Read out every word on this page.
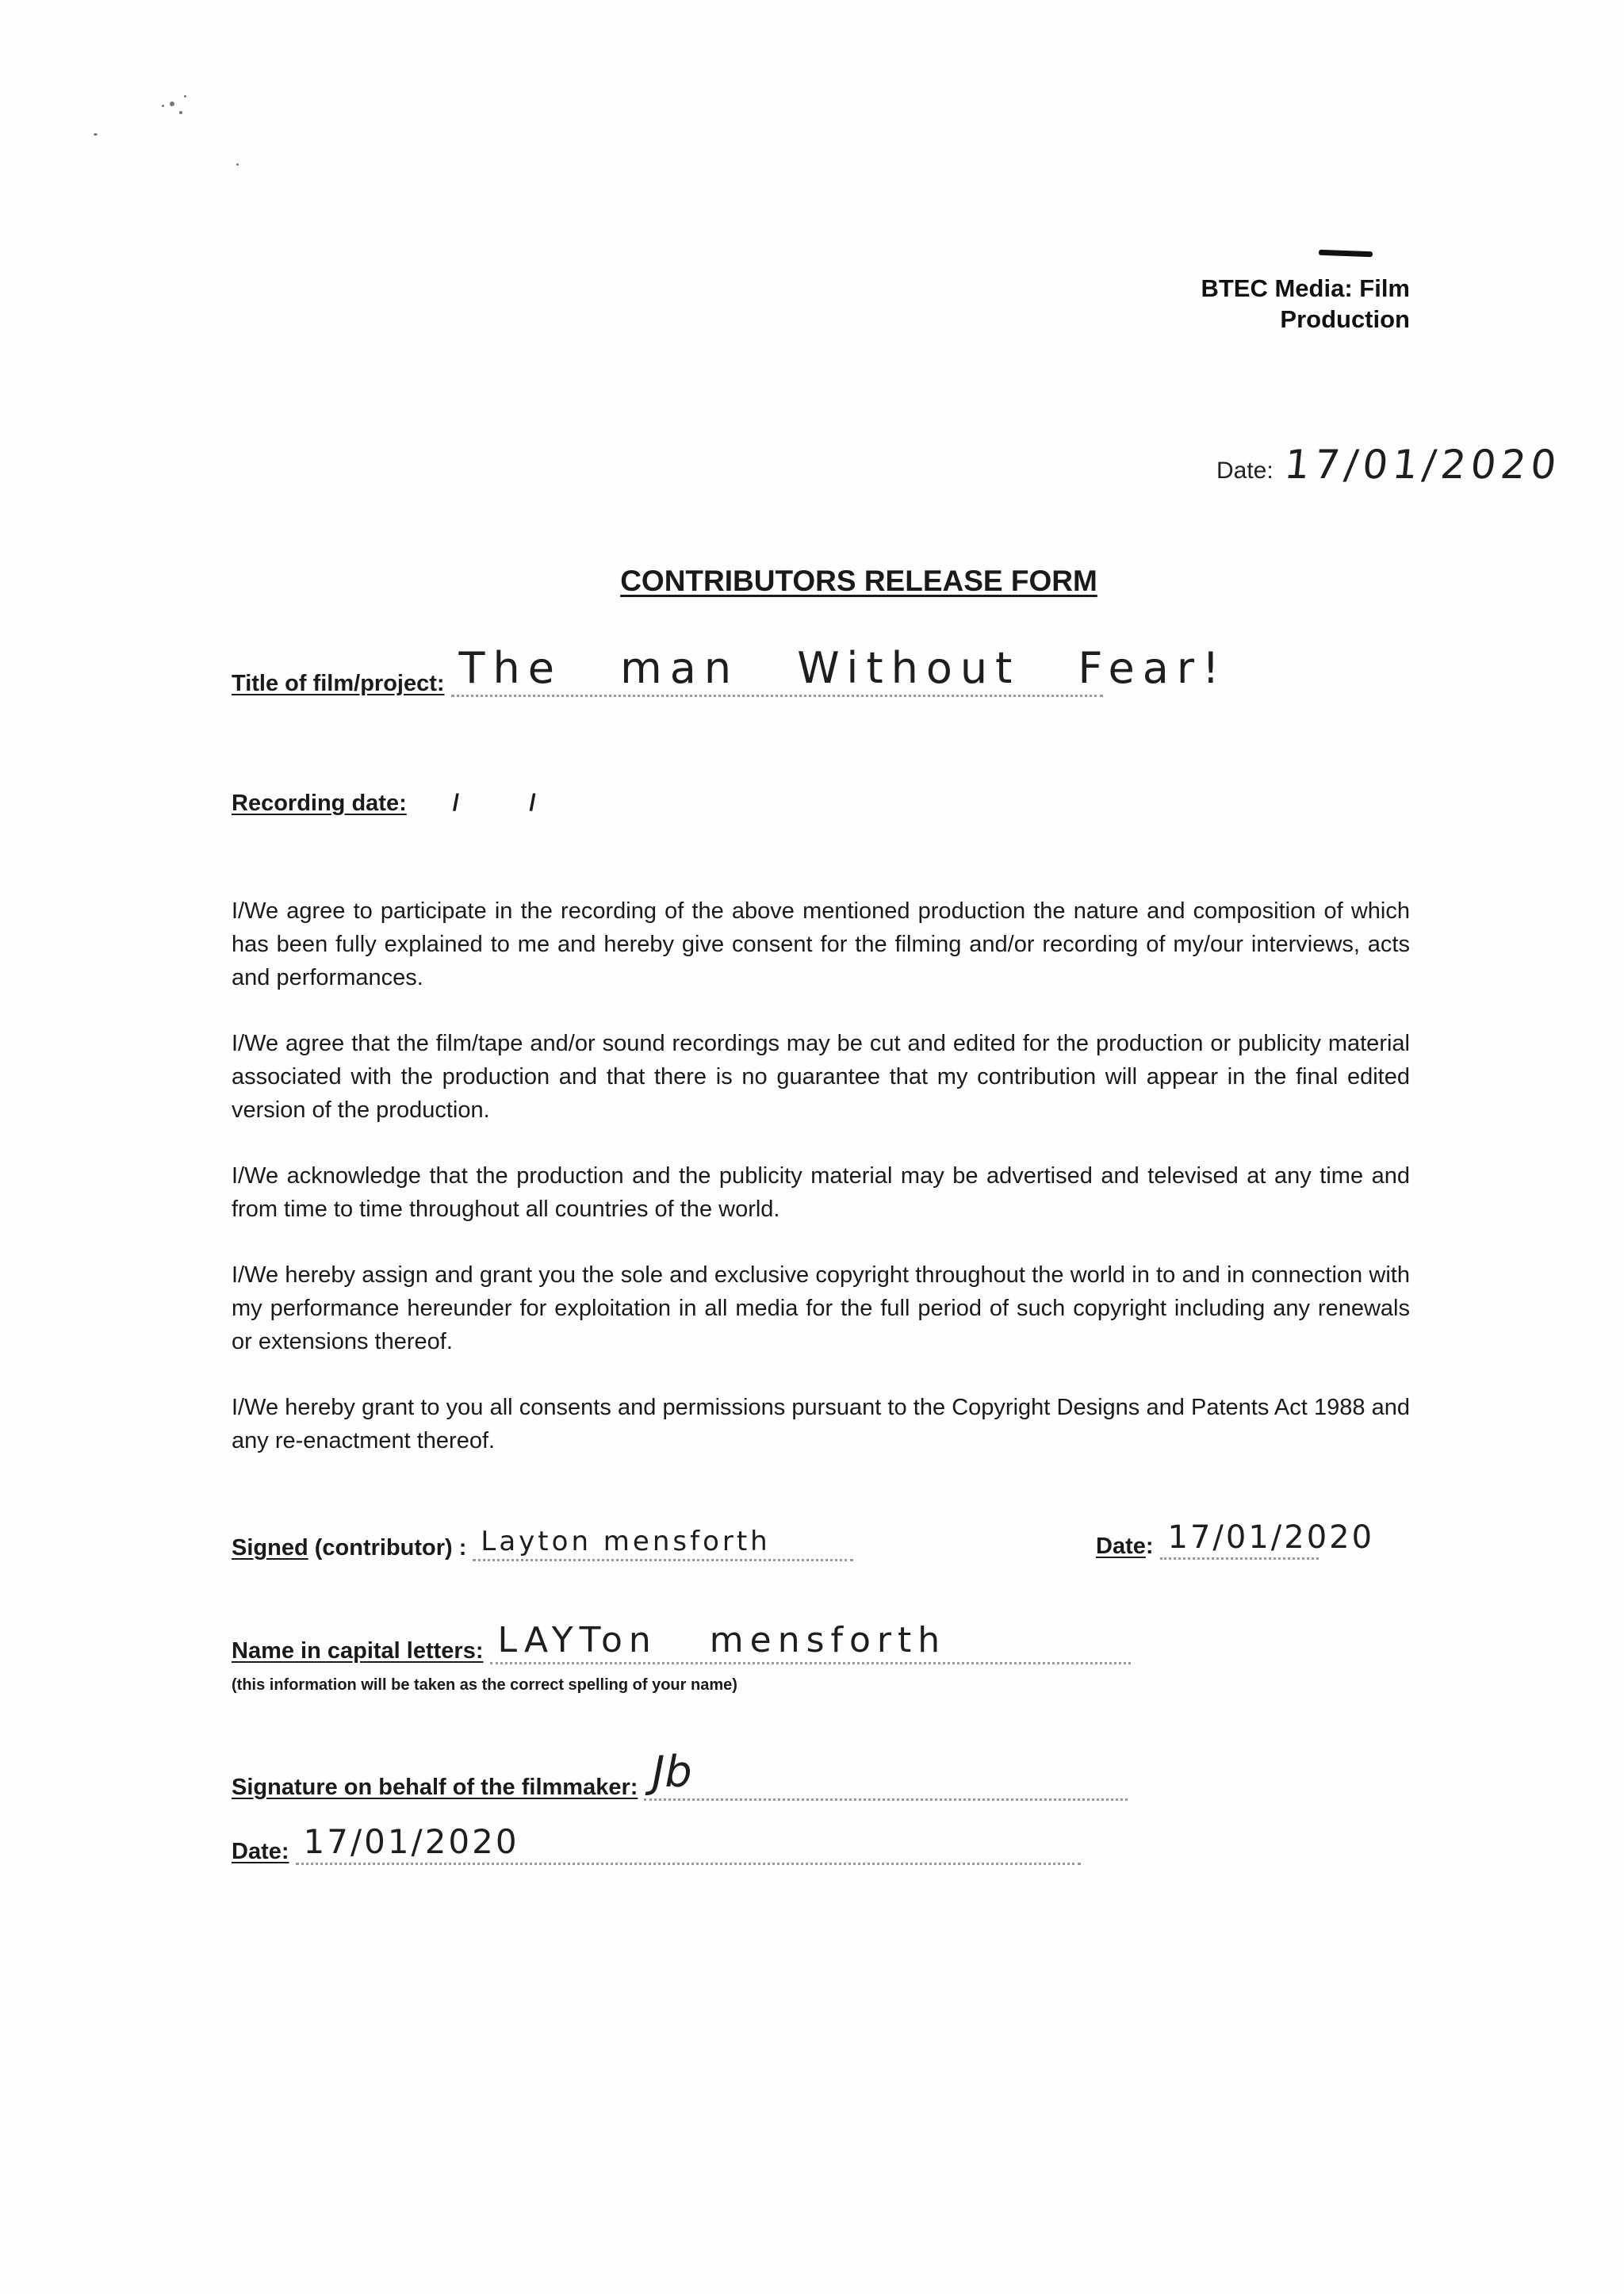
BTEC Media: Film
Production
Date: 17/01/2020
CONTRIBUTORS RELEASE FORM
Title of film/project: The man Without Fear!
Recording date: / /

I/We agree to participate in the recording of the above mentioned production the nature and composition of which has been fully explained to me and hereby give consent for the filming and/or recording of my/our interviews, acts and performances.

I/We agree that the film/tape and/or sound recordings may be cut and edited for the production or publicity material associated with the production and that there is no guarantee that my contribution will appear in the final edited version of the production.

I/We acknowledge that the production and the publicity material may be advertised and televised at any time and from time to time throughout all countries of the world.

I/We hereby assign and grant you the sole and exclusive copyright throughout the world in to and in connection with my performance hereunder for exploitation in all media for the full period of such copyright including any renewals or extensions thereof.

I/We hereby grant to you all consents and permissions pursuant to the Copyright Designs and Patents Act 1988 and any re-enactment thereof.

Signed (contributor) : Layton mensforth	Date: 17/01/2020
Name in capital letters: LAYTon mensforth
(this information will be taken as the correct spelling of your name)
Signature on behalf of the filmmaker: Jb
Date: 17/01/2020
